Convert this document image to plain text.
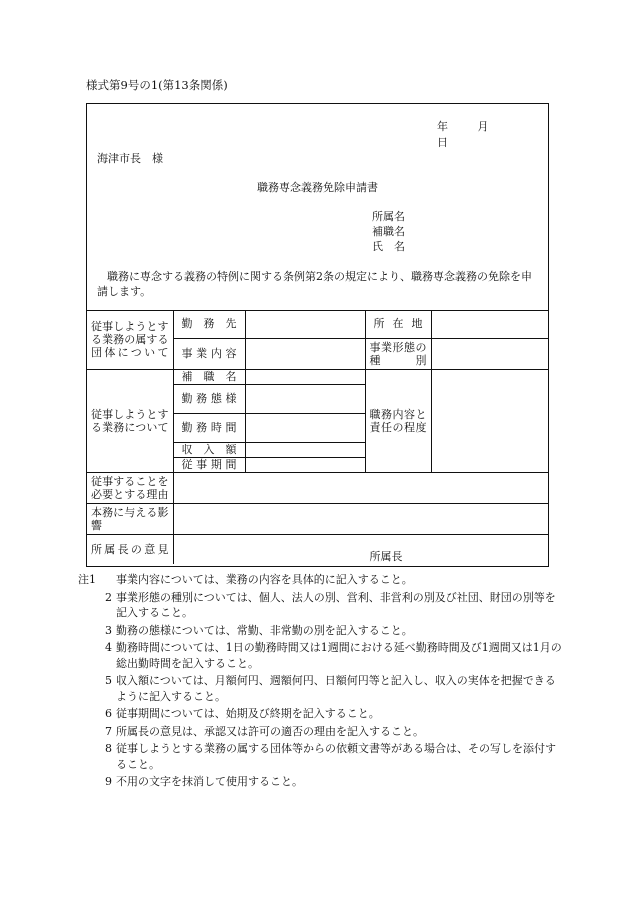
様式第9号の1(第13条関係)
年	月 日
海津市長　様
職務専念義務免除申請書
所属名
補職名
氏　名
職務に専念する義務の特例に関する条例第2条の規定により、職務専念義務の免除を申請します。
従事しようとする業務の属する団体について	勤務先		所在地	
	事業内容		事業形態の種別	
従事しようとする業務について	補職名		職務内容と責任の程度	
	勤務態様			
	勤務時間			
	収入額			
	従事期間			
従事することを必要とする理由				
本務に与える影響				
所属長の意見	所属長			
注1	事業内容については、業務の内容を具体的に記入すること。
2 事業形態の種別については、個人、法人の別、営利、非営利の別及び社団、財団の別等を記入すること。
3 勤務の態様については、常勤、非常勤の別を記入すること。
4 勤務時間については、1日の勤務時間又は1週間における延べ勤務時間及び1週間又は1月の総出勤時間を記入すること。
5 収入額については、月額何円、週額何円、日額何円等と記入し、収入の実体を把握できるように記入すること。
6 従事期間については、始期及び終期を記入すること。
7 所属長の意見は、承認又は許可の適否の理由を記入すること。
8 従事しようとする業務の属する団体等からの依頼文書等がある場合は、その写しを添付すること。
9 不用の文字を抹消して使用すること。
